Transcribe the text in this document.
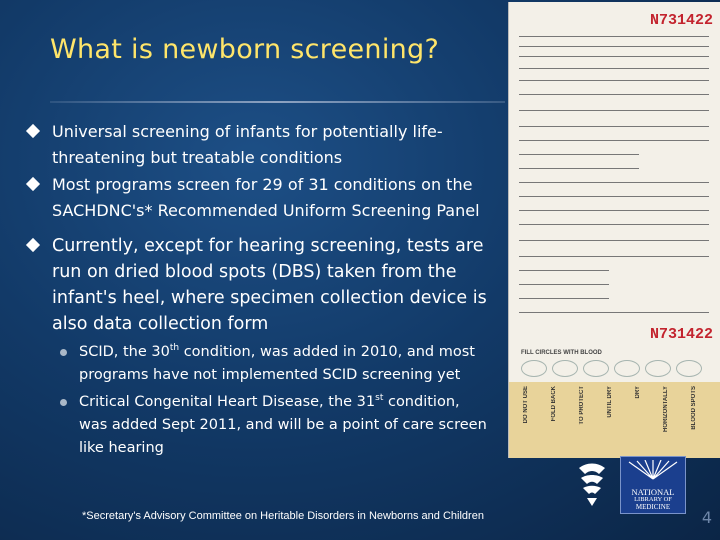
What is newborn screening?
Universal screening of infants for potentially life-threatening but treatable conditions
Most programs screen for 29 of 31 conditions on the SACHDNC's* Recommended Uniform Screening Panel
Currently, except for hearing screening, tests are run on dried blood spots (DBS) taken from the infant's heel, where specimen collection device is also data collection form
SCID, the 30th condition, was added in 2010, and most programs have not implemented SCID screening yet
Critical Congenital Heart Disease, the 31st condition, was added Sept 2011, and will be a point of care screen like hearing
N731422
N731422
FILL CIRCLES WITH BLOOD
DO NOT USE	FOLD BACK	TO PROTECT	UNTIL DRY	DRY	HORIZONTALLY	BLOOD SPOTS
NATIONAL
LIBRARY OF
MEDICINE
*Secretary's Advisory Committee on Heritable Disorders in Newborns and Children	4
